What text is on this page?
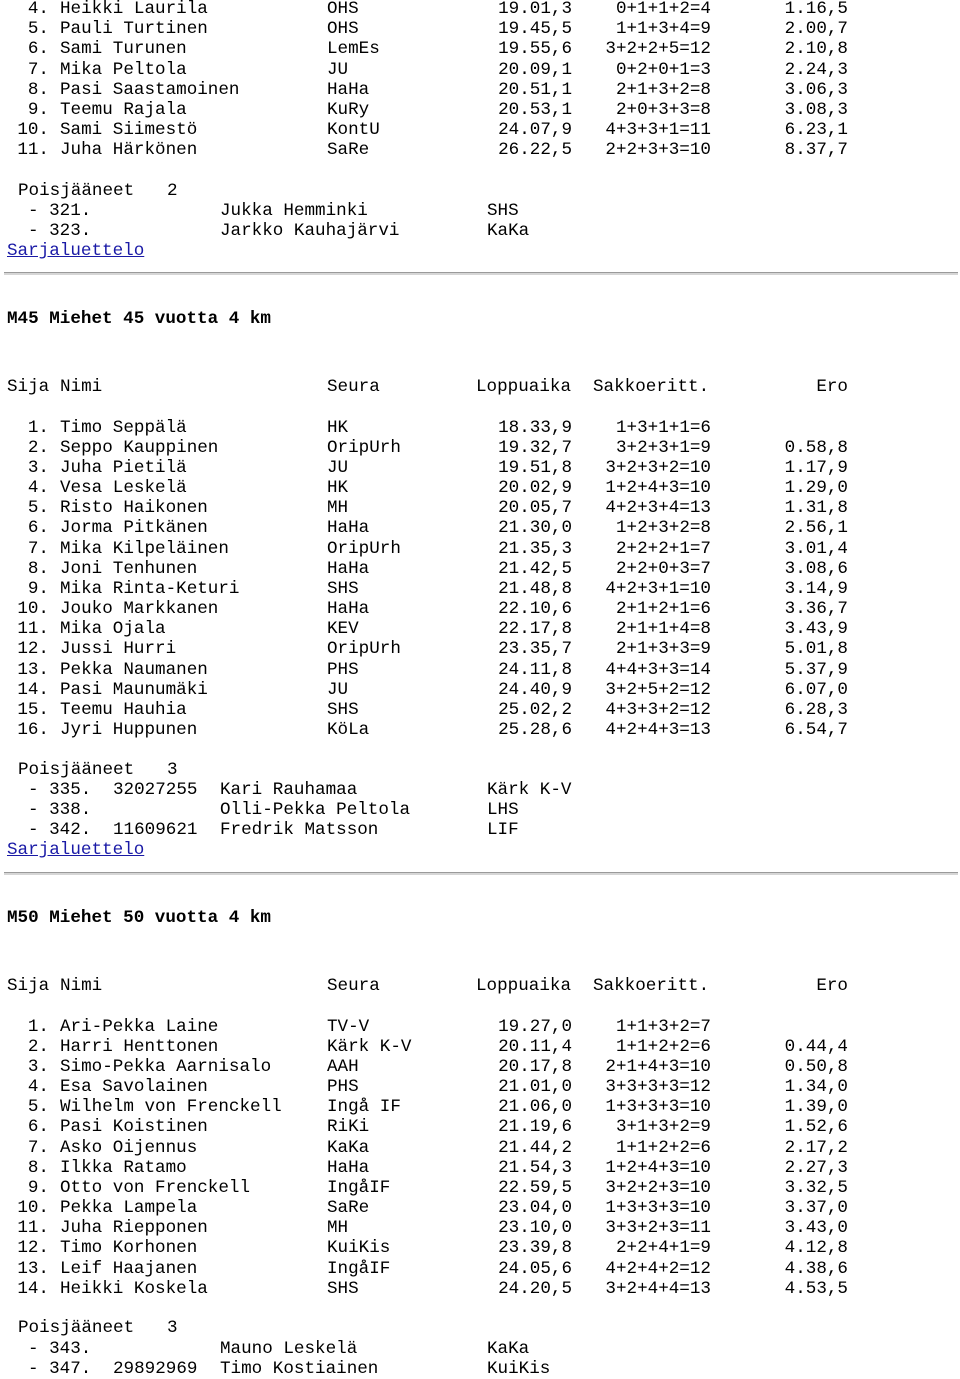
4. Heikki Laurila	OHS	19.01,3	0+1+1+2=4	1.16,5
5. Pauli Turtinen	OHS	19.45,5	1+1+3+4=9	2.00,7
6. Sami Turunen	LemEs	19.55,6 3+2+2+5=12	2.10,8
7. Mika Peltola	JU	20.09,1	0+2+0+1=3	2.24,3
8. Pasi Saastamoinen	HaHa	20.51,1	2+1+3+2=8	3.06,3
9. Teemu Rajala	KuRy	20.53,1	2+0+3+3=8	3.08,3
10. Sami Siimestö	KontU	24.07,9 4+3+3+1=11	6.23,1
11. Juha Härkönen	SaRe	26.22,5 2+2+3+3=10	8.37,7
Poisjääneet 2
- 321.	Jukka Hemminki	SHS
- 323.	Jarkko Kauhajärvi	KaKa
Sarjaluettelo
M45 Miehet 45 vuotta 4 km
Sija Nimi	Seura	Loppuaika Sakkoeritt.	Ero
1. Timo Seppälä	HK	18.33,9	1+3+1+1=6
2. Seppo Kauppinen	OripUrh	19.32,7	3+2+3+1=9	0.58,8
3. Juha Pietilä	JU	19.51,8 3+2+3+2=10	1.17,9
4. Vesa Leskelä	HK	20.02,9 1+2+4+3=10	1.29,0
5. Risto Haikonen	MH	20.05,7 4+2+3+4=13	1.31,8
6. Jorma Pitkänen	HaHa	21.30,0	1+2+3+2=8	2.56,1
7. Mika Kilpeläinen	OripUrh	21.35,3	2+2+2+1=7	3.01,4
8. Joni Tenhunen	HaHa	21.42,5	2+2+0+3=7	3.08,6
9. Mika Rinta-Keturi	SHS	21.48,8 4+2+3+1=10	3.14,9
10. Jouko Markkanen	HaHa	22.10,6	2+1+2+1=6	3.36,7
11. Mika Ojala	KEV	22.17,8	2+1+1+4=8	3.43,9
12. Jussi Hurri	OripUrh	23.35,7	2+1+3+3=9	5.01,8
13. Pekka Naumanen	PHS	24.11,8 4+4+3+3=14	5.37,9
14. Pasi Maunumäki	JU	24.40,9 3+2+5+2=12	6.07,0
15. Teemu Hauhia	SHS	25.02,2 4+3+3+2=12	6.28,3
16. Jyri Huppunen	KöLa	25.28,6 4+2+4+3=13	6.54,7
Poisjääneet 3
- 335. 32027255 Kari Rauhamaa	Kärk K-V
- 338.	Olli-Pekka Peltola	LHS
- 342. 11609621 Fredrik Matsson	LIF
Sarjaluettelo
M50 Miehet 50 vuotta 4 km
Sija Nimi	Seura	Loppuaika Sakkoeritt.	Ero
1. Ari-Pekka Laine	TV-V	19.27,0	1+1+3+2=7
2. Harri Henttonen	Kärk K-V	20.11,4	1+1+2+2=6	0.44,4
3. Simo-Pekka Aarnisalo	AAH	20.17,8 2+1+4+3=10	0.50,8
4. Esa Savolainen	PHS	21.01,0 3+3+3+3=12	1.34,0
5. Wilhelm von Frenckell	Ingå IF	21.06,0 1+3+3+3=10	1.39,0
6. Pasi Koistinen	RiKi	21.19,6	3+1+3+2=9	1.52,6
7. Asko Oijennus	KaKa	21.44,2	1+1+2+2=6	2.17,2
8. Ilkka Ratamo	HaHa	21.54,3 1+2+4+3=10	2.27,3
9. Otto von Frenckell	IngåIF	22.59,5 3+2+2+3=10	3.32,5
10. Pekka Lampela	SaRe	23.04,0 1+3+3+3=10	3.37,0
11. Juha Riepponen	MH	23.10,0 3+3+2+3=11	3.43,0
12. Timo Korhonen	KuiKis	23.39,8	2+2+4+1=9	4.12,8
13. Leif Haajanen	IngåIF	24.05,6 4+2+4+2=12	4.38,6
14. Heikki Koskela	SHS	24.20,5 3+2+4+4=13	4.53,5
Poisjääneet 3
- 343.	Mauno Leskelä	KaKa
- 347. 29892969 Timo Kostiainen	KuiKis
